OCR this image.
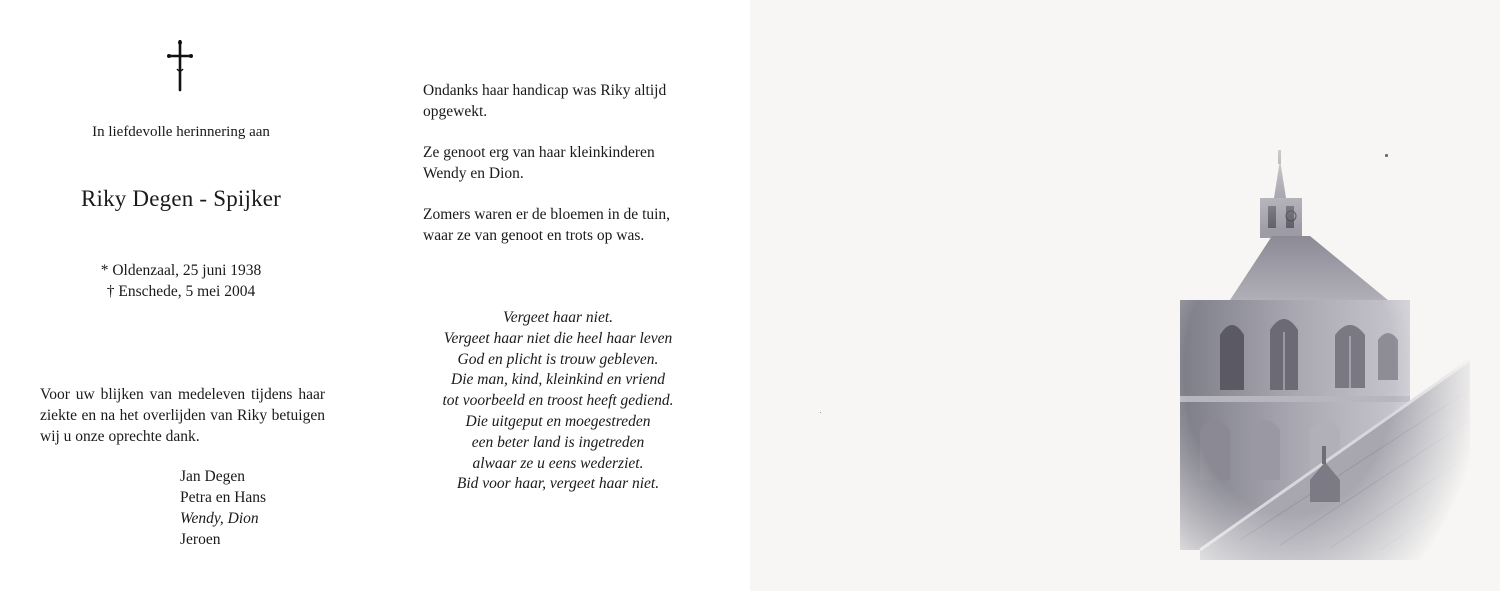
In liefdevolle herinnering aan
Riky Degen - Spijker
* Oldenzaal, 25 juni 1938
† Enschede, 5 mei 2004
Voor uw blijken van medeleven tijdens haar ziekte en na het overlijden van Riky betuigen wij u onze oprechte dank.
Jan Degen
Petra en Hans
Wendy, Dion
Jeroen
Ondanks haar handicap was Riky altijd
opgewekt.
Ze genoot erg van haar kleinkinderen
Wendy en Dion.
Zomers waren er de bloemen in de tuin,
waar ze van genoot en trots op was.
Vergeet haar niet.
Vergeet haar niet die heel haar leven
God en plicht is trouw gebleven.
Die man, kind, kleinkind en vriend
tot voorbeeld en troost heeft gediend.
Die uitgeput en moegestreden
een beter land is ingetreden
alwaar ze u eens wederziet.
Bid voor haar, vergeet haar niet.
